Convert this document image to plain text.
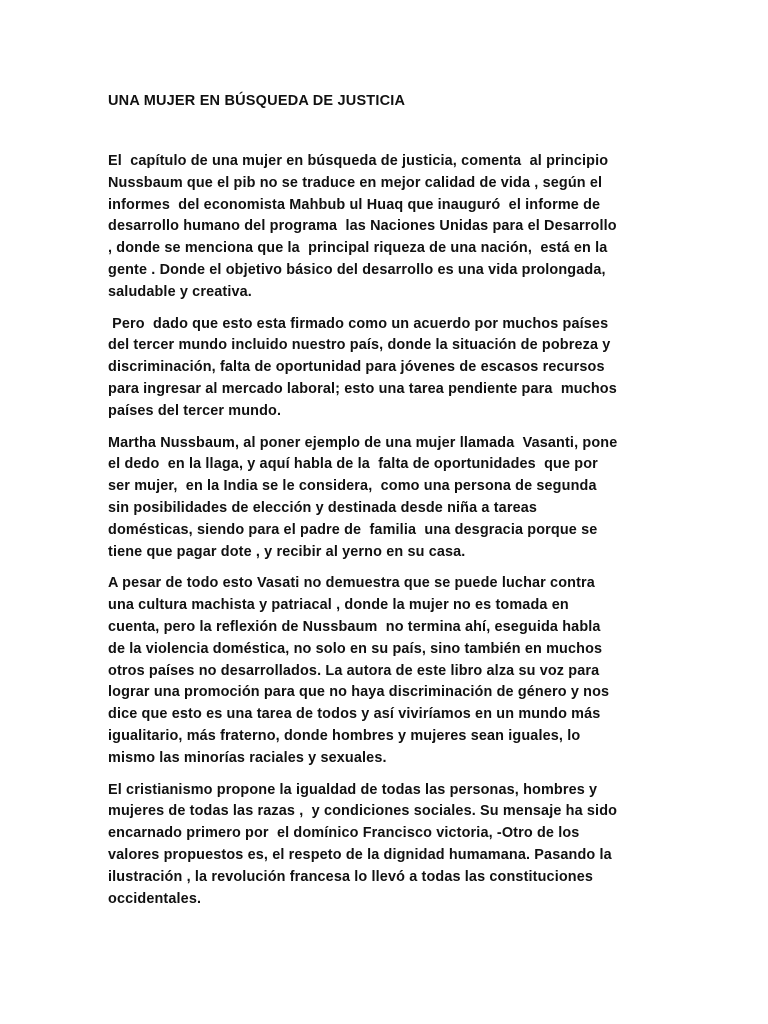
UNA MUJER EN BÚSQUEDA DE JUSTICIA

El  capítulo de una mujer en búsqueda de justicia, comenta  al principio
Nussbaum que el pib no se traduce en mejor calidad de vida , según el
informes  del economista Mahbub ul Huaq que inauguró  el informe de
desarrollo humano del programa  las Naciones Unidas para el Desarrollo
, donde se menciona que la  principal riqueza de una nación,  está en la
gente . Donde el objetivo básico del desarrollo es una vida prolongada,
saludable y creativa.

Pero  dado que esto esta firmado como un acuerdo por muchos países
del tercer mundo incluido nuestro país, donde la situación de pobreza y
discriminación, falta de oportunidad para jóvenes de escasos recursos
para ingresar al mercado laboral; esto una tarea pendiente para  muchos
países del tercer mundo.

Martha Nussbaum, al poner ejemplo de una mujer llamada  Vasanti, pone
el dedo  en la llaga, y aquí habla de la  falta de oportunidades  que por
ser mujer,  en la India se le considera,  como una persona de segunda
sin posibilidades de elección y destinada desde niña a tareas
domésticas, siendo para el padre de  familia  una desgracia porque se
tiene que pagar dote , y recibir al yerno en su casa.

A pesar de todo esto Vasati no demuestra que se puede luchar contra
una cultura machista y patriacal , donde la mujer no es tomada en
cuenta, pero la reflexión de Nussbaum  no termina ahí, eseguida habla
de la violencia doméstica, no solo en su país, sino también en muchos
otros países no desarrollados. La autora de este libro alza su voz para
lograr una promoción para que no haya discriminación de género y nos
dice que esto es una tarea de todos y así viviríamos en un mundo más
igualitario, más fraterno, donde hombres y mujeres sean iguales, lo
mismo las minorías raciales y sexuales.

El cristianismo propone la igualdad de todas las personas, hombres y
mujeres de todas las razas ,  y condiciones sociales. Su mensaje ha sido
encarnado primero por  el domínico Francisco victoria, -Otro de los
valores propuestos es, el respeto de la dignidad humamana. Pasando la
ilustración , la revolución francesa lo llevó a todas las constituciones
occidentales.
